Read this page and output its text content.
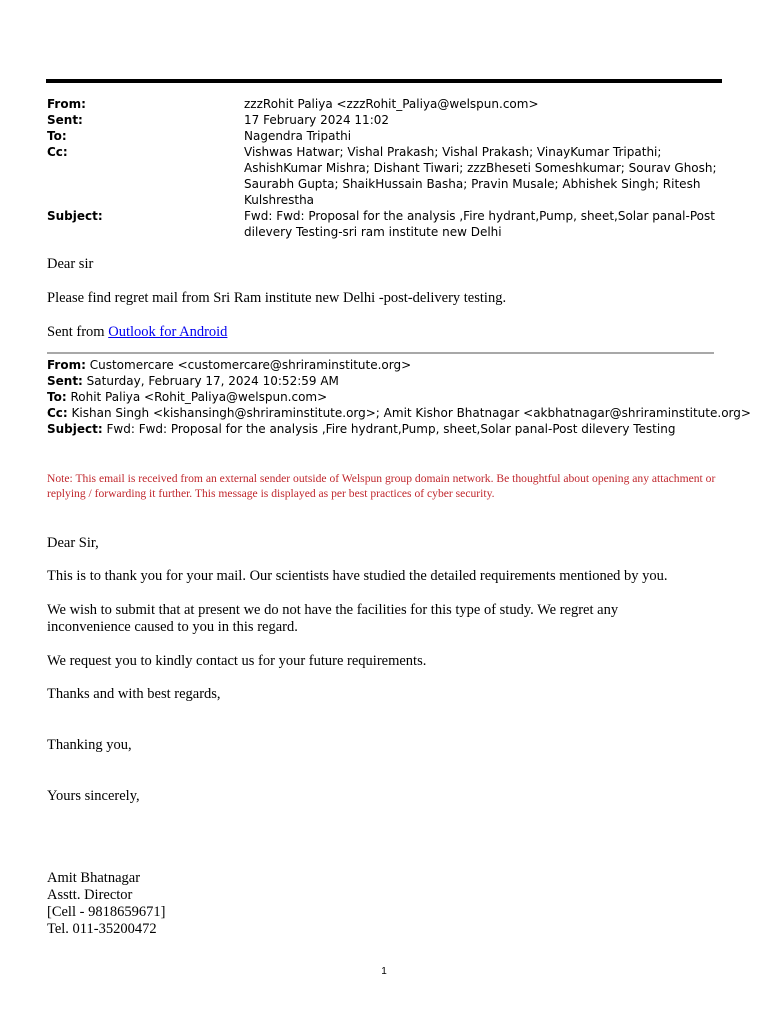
From:	zzzRohit Paliya <zzzRohit_Paliya@welspun.com>
Sent:	17 February 2024 11:02
To:	Nagendra Tripathi
Cc:	Vishwas Hatwar; Vishal Prakash; Vishal Prakash; VinayKumar Tripathi; AshishKumar Mishra; Dishant Tiwari; zzzBheseti Someshkumar; Sourav Ghosh; Saurabh Gupta; ShaikHussain Basha; Pravin Musale; Abhishek Singh; Ritesh Kulshrestha
Subject:	Fwd: Fwd: Proposal for the analysis ,Fire hydrant,Pump, sheet,Solar panal-Post dilevery Testing-sri ram institute new Delhi

Dear sir

Please find regret mail from Sri Ram institute new Delhi -post-delivery testing.

Sent from Outlook for Android

From: Customercare <customercare@shriraminstitute.org>
Sent: Saturday, February 17, 2024 10:52:59 AM
To: Rohit Paliya <Rohit_Paliya@welspun.com>
Cc: Kishan Singh <kishansingh@shriraminstitute.org>; Amit Kishor Bhatnagar <akbhatnagar@shriraminstitute.org>
Subject: Fwd: Fwd: Proposal for the analysis ,Fire hydrant,Pump, sheet,Solar panal-Post dilevery Testing

Note: This email is received from an external sender outside of Welspun group domain network. Be thoughtful about opening any attachment or replying / forwarding it further. This message is displayed as per best practices of cyber security.

Dear Sir,

This is to thank you for your mail. Our scientists have studied the detailed requirements mentioned by you.

We wish to submit that at present we do not have the facilities for this type of study. We regret any inconvenience caused to you in this regard.

We request you to kindly contact us for your future requirements.

Thanks and with best regards,

Thanking you,

Yours sincerely,

Amit Bhatnagar
Asstt. Director
[Cell - 9818659671]
Tel. 011-35200472
1
